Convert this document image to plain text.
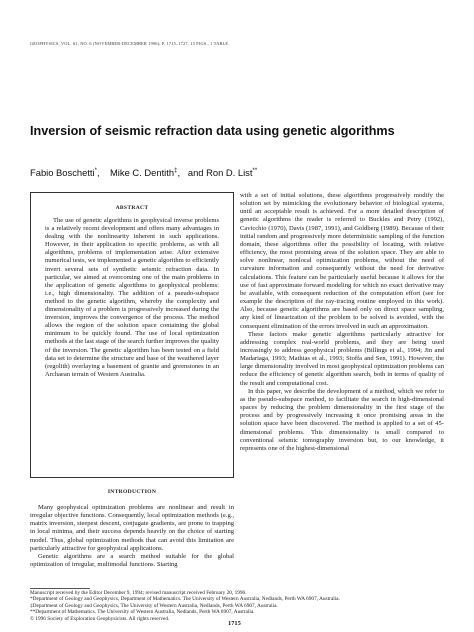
GEOPHYSICS, VOL. 61, NO. 6 (NOVEMBER-DECEMBER 1996); P. 1715–1727, 13 FIGS., 1 TABLE.
Inversion of seismic refraction data using genetic algorithms
Fabio Boschetti*,    Mike C. Dentith‡,   and Ron D. List**
ABSTRACT

The use of genetic algorithms in geophysical inverse problems is a relatively recent development and offers many advantages in dealing with the nonlinearity inherent in such applications. However, in their application to specific problems, as with all algorithms, problems of implementation arise. After extensive numerical tests, we implemented a genetic algorithm to efficiently invert several sets of synthetic seismic refraction data. In particular, we aimed at overcoming one of the main problems in the application of genetic algorithms to geophysical problems: i.e., high dimensionality. The addition of a pseudo-subspace method to the genetic algorithm, whereby the complexity and dimensionality of a problem is progressively increased during the inversion, improves the convergence of the process. The method allows the region of the solution space containing the global minimum to be quickly found. The use of local optimization methods at the last stage of the search further improves the quality of the inversion. The genetic algorithm has been tested on a field data set to determine the structure and base of the weathered layer (regolith) overlaying a basement of granite and greenstones in an Archaean terrain of Western Australia.

INTRODUCTION

Many geophysical optimization problems are nonlinear and result in irregular objective functions. Consequently, local optimization methods (e.g., matrix inversion, steepest descent, conjugate gradients, are prone to trapping in local minima, and their success depends heavily on the choice of starting model. Thus, global optimization methods that can avoid this limitation are particularly attractive for geophysical applications.

Genetic algorithms are a search method suitable for the global optimization of irregular, multimodal functions. Starting

with a set of initial solutions, these algorithms progressively modify the solution set by mimicking the evolutionary behavior of biological systems, until an acceptable result is achieved. For a more detailed description of genetic algorithms the reader is referred to Buckles and Petry (1992), Cavicchio (1970), Davis (1987, 1991), and Goldberg (1989). Because of their initial random and progressively more deterministic sampling of the function domain, these algorithms offer the possibility of locating, with relative efficiency, the most promising areas of the solution space. They are able to solve nonlinear, nonlocal optimization problems, without the need of curvature information and consequently without the need for derivative calculations. This feature can be particularly useful because it allows for the use of fast approximate forward modeling for which no exact derivative may be available, with consequent reduction of the computation effort (see for example the description of the ray-tracing routine employed in this work). Also, because genetic algorithms are based only on direct space sampling, any kind of linearization of the problem to be solved is avoided, with the consequent elimination of the errors involved in such an approximation.

These factors make genetic algorithms particularly attractive for addressing complex real-world problems, and they are being used increasingly to address geophysical problems (Billings et al., 1994; Jin and Madariaga, 1993; Mathias et al., 1993; Stoffa and Sen, 1991). However, the large dimensionality involved in most geophysical optimization problems can reduce the efficiency of genetic algorithm search, both in terms of quality of the result and computational cost.

In this paper, we describe the development of a method, which we refer to as the pseudo-subspace method, to facilitate the search in high-dimensional spaces by reducing the problem dimensionality in the first stage of the process and by progressively increasing it once promising areas in the solution space have been discovered. The method is applied to a set of 45-dimensional problems. This dimensionality is small compared to conventional seismic tomography inversion but, to our knowledge, it represents one of the highest-dimensional

Manuscript received by the Editor December 9, 1994; revised manuscript received February 20, 1996.
*Department of Geology and Geophysics, Department of Mathematics. The University of Western Australia, Nedlands, Perth WA 6907, Australia.
‡Department of Geology and Geophysics, The University of Western Australia, Nedlands, Perth WA 6907, Australia.
**Department of Mathematics. The University of Western Australia, Nedlands, Perth WA 6907, Australia.
© 1996 Society of Exploration Geophysicists. All rights reserved.
1715
